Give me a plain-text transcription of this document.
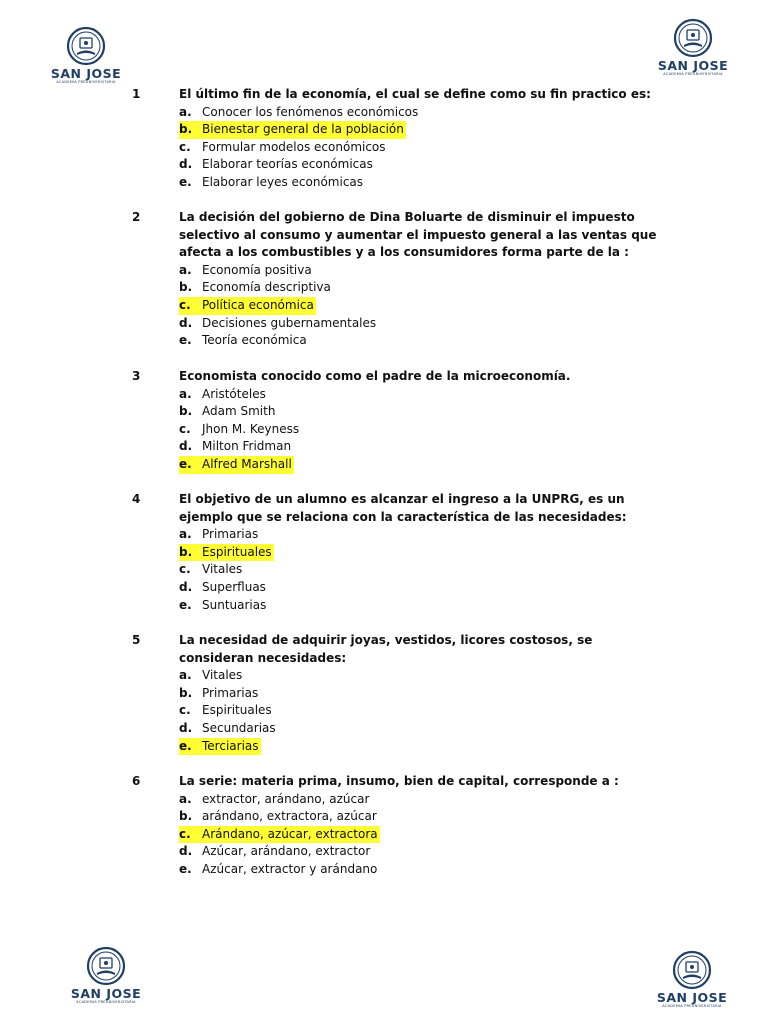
SAN JOSE
ACADEMIA PREUNIVERSITARIA
SAN JOSE
ACADEMIA PREUNIVERSITARIA
SAN JOSE
ACADEMIA PREUNIVERSITARIA	SAN JOSE
ACADEMIA PREUNIVERSITARIA
1	El último fin de la economía, el cual se define como su fin practico es:
a. Conocer los fenómenos económicos
b. Bienestar general de la población
c. Formular modelos económicos
d. Elaborar teorías económicas
e. Elaborar leyes económicas
2	La decisión del gobierno de Dina Boluarte de disminuir el impuesto selectivo al consumo y aumentar el impuesto general a las ventas que afecta a los combustibles y a los consumidores forma parte de la :
a. Economía positiva
b. Economía descriptiva
c. Política económica
d. Decisiones gubernamentales
e. Teoría económica
3	Economista conocido como el padre de la microeconomía.
a. Aristóteles
b. Adam Smith
c. Jhon M. Keyness
d. Milton Fridman
e. Alfred Marshall
4	El objetivo de un alumno es alcanzar el ingreso a la UNPRG, es un ejemplo que se relaciona con la característica de las necesidades:
a. Primarias
b. Espirituales
c. Vitales
d. Superfluas
e. Suntuarias
5	La necesidad de adquirir joyas, vestidos, licores costosos, se consideran necesidades:
a. Vitales
b. Primarias
c. Espirituales
d. Secundarias
e. Terciarias
6	La serie: materia prima, insumo, bien de capital, corresponde a :
a. extractor, arándano, azúcar
b. arándano, extractora, azúcar
c. Arándano, azúcar, extractora
d. Azúcar, arándano, extractor
e. Azúcar, extractor y arándano
